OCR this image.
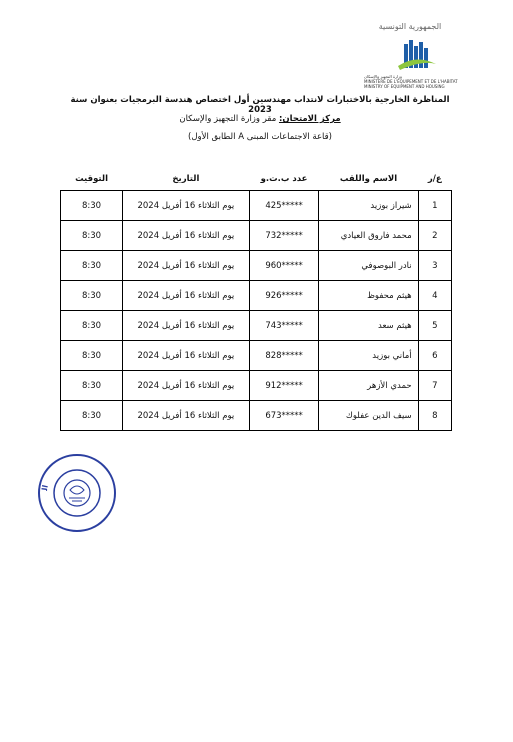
الجمهورية التونسية
وزارة التجهيز والإسكان
MINISTÈRE DE L'ÉQUIPEMENT ET DE L'HABITAT
MINISTRY OF EQUIPMENT AND HOUSING
المناظرة الخارجية بالاختبارات لانتداب مهندسين أول اختصاص هندسة البرمجيات بعنوان سنة 2023
مركز الامتحان: مقر وزارة التجهيز والإسكان
(قاعة الاجتماعات المبنى A الطابق الأول)
ع/ر	الاسم واللقب	عدد ب.ت.و	التاريخ	التوقيت
1	شيراز بوزيد	*****425	يوم الثلاثاء 16 أفريل 2024	8:30
2	محمد فاروق العيادي	*****732	يوم الثلاثاء 16 أفريل 2024	8:30
3	نادر البوصوفي	*****960	يوم الثلاثاء 16 أفريل 2024	8:30
4	هيثم محفوظ	*****926	يوم الثلاثاء 16 أفريل 2024	8:30
5	هيثم سعد	*****743	يوم الثلاثاء 16 أفريل 2024	8:30
6	أماني بوزيد	*****828	يوم الثلاثاء 16 أفريل 2024	8:30
7	حمدي الأزهر	*****912	يوم الثلاثاء 16 أفريل 2024	8:30
8	سيف الدين عفلوك	*****673	يوم الثلاثاء 16 أفريل 2024	8:30
ال
